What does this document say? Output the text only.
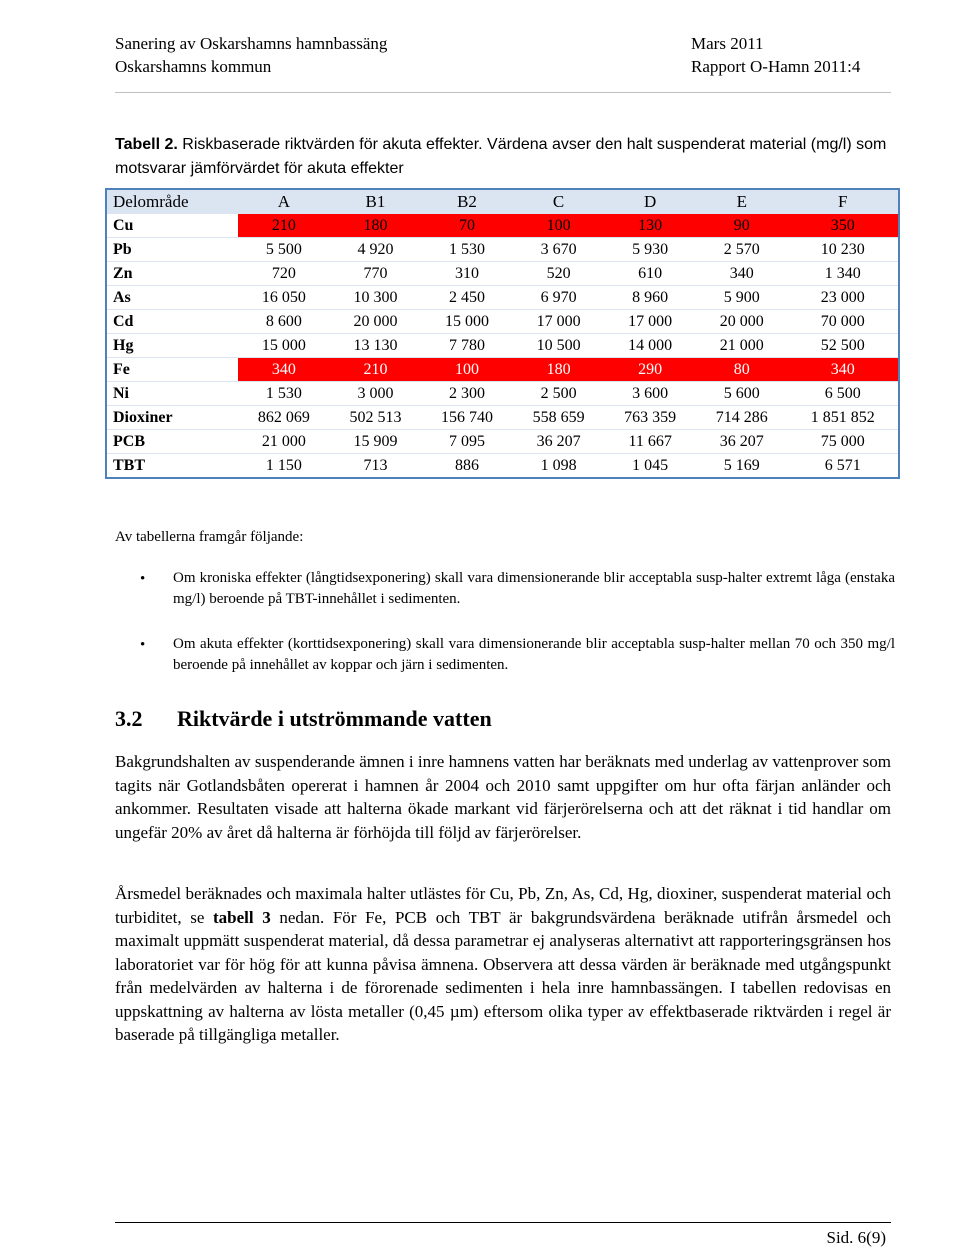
Sanering av Oskarshamns hamnbassäng	Mars 2011
Oskarshamns kommun	Rapport O-Hamn 2011:4
Tabell 2. Riskbaserade riktvärden för akuta effekter. Värdena avser den halt suspenderat material (mg/l) som motsvarar jämförvärdet för akuta effekter
Delområde	A	B1	B2	C	D	E	F
Cu	210	180	70	100	130	90	350
Pb	5 500	4 920	1 530	3 670	5 930	2 570	10 230
Zn	720	770	310	520	610	340	1 340
As	16 050	10 300	2 450	6 970	8 960	5 900	23 000
Cd	8 600	20 000	15 000	17 000	17 000	20 000	70 000
Hg	15 000	13 130	7 780	10 500	14 000	21 000	52 500
Fe	340	210	100	180	290	80	340
Ni	1 530	3 000	2 300	2 500	3 600	5 600	6 500
Dioxiner	862 069	502 513	156 740	558 659	763 359	714 286	1 851 852
PCB	21 000	15 909	7 095	36 207	11 667	36 207	75 000
TBT	1 150	713	886	1 098	1 045	5 169	6 571
Av tabellerna framgår följande:
• Om kroniska effekter (långtidsexponering) skall vara dimensionerande blir acceptabla susp-halter extremt låga (enstaka mg/l) beroende på TBT-innehållet i sedimenten.
• Om akuta effekter (korttidsexponering) skall vara dimensionerande blir acceptabla susp-halter mellan 70 och 350 mg/l beroende på innehållet av koppar och järn i sedimenten.
3.2	Riktvärde i utströmmande vatten
Bakgrundshalten av suspenderande ämnen i inre hamnens vatten har beräknats med underlag av vattenprover som tagits när Gotlandsbåten opererat i hamnen år 2004 och 2010 samt uppgifter om hur ofta färjan anländer och ankommer. Resultaten visade att halterna ökade markant vid färjerörelserna och att det räknat i tid handlar om ungefär 20% av året då halterna är förhöjda till följd av färjerörelser.
Årsmedel beräknades och maximala halter utlästes för Cu, Pb, Zn, As, Cd, Hg, dioxiner, suspenderat material och turbiditet, se tabell 3 nedan. För Fe, PCB och TBT är bakgrundsvärdena beräknade utifrån årsmedel och maximalt uppmätt suspenderat material, då dessa parametrar ej analyseras alternativt att rapporteringsgränsen hos laboratoriet var för hög för att kunna påvisa ämnena. Observera att dessa värden är beräknade med utgångspunkt från medelvärden av halterna i de förorenade sedimenten i hela inre hamnbassängen. I tabellen redovisas en uppskattning av halterna av lösta metaller (0,45 µm) eftersom olika typer av effektbaserade riktvärden i regel är baserade på tillgängliga metaller.
Sid. 6(9)
